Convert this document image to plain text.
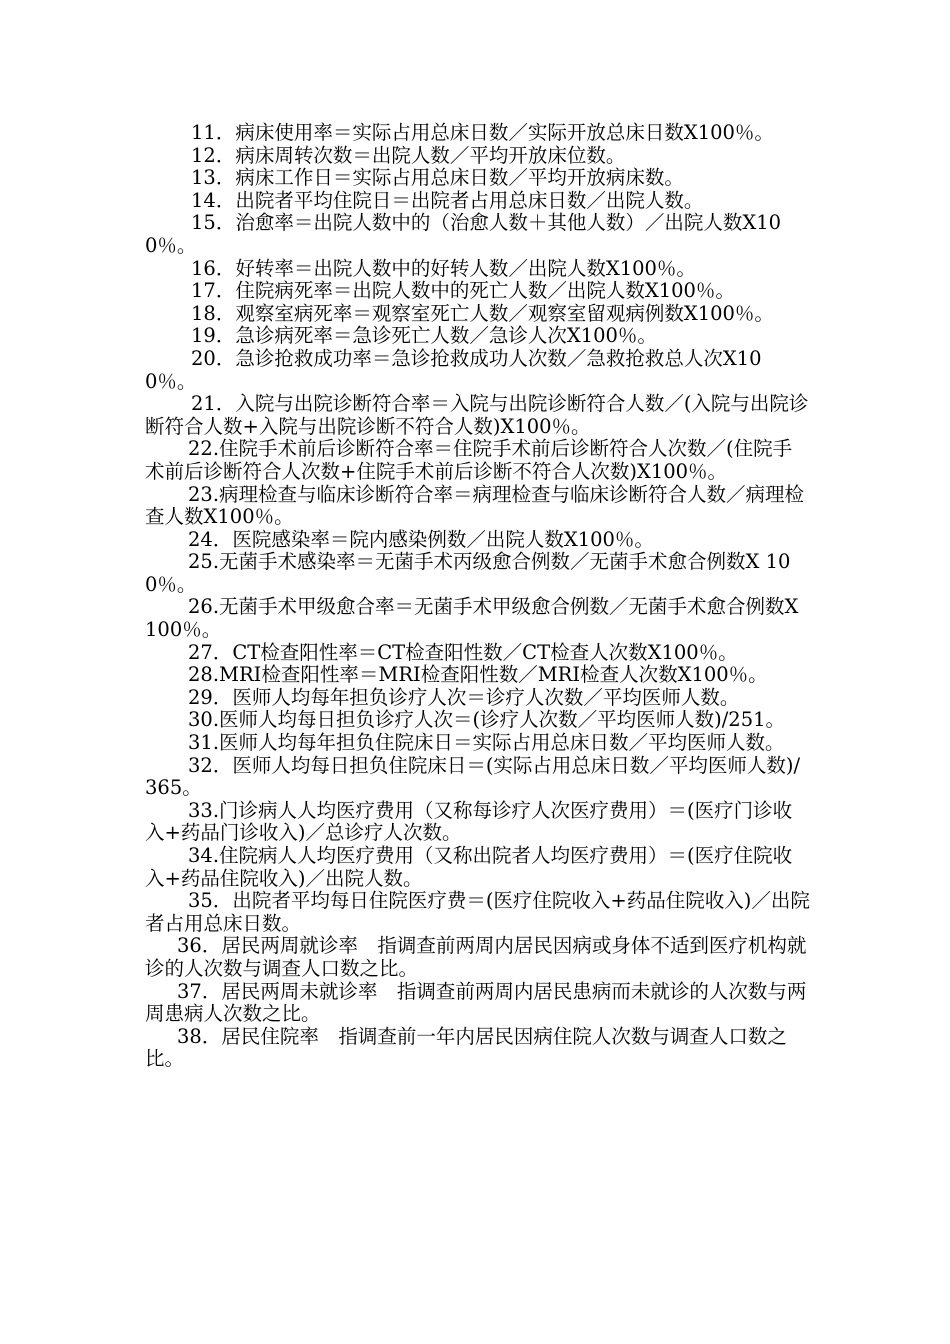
11．病床使用率＝实际占用总床日数／实际开放总床日数X100％。

12．病床周转次数＝出院人数／平均开放床位数。

13．病床工作日＝实际占用总床日数／平均开放病床数。

14．出院者平均住院日＝出院者占用总床日数／出院人数。

15．治愈率＝出院人数中的（治愈人数＋其他人数）／出院人数X100％。

16．好转率＝出院人数中的好转人数／出院人数X100％。

17．住院病死率＝出院人数中的死亡人数／出院人数X100％。

18．观察室病死率＝观察室死亡人数／观察室留观病例数X100％。

19．急诊病死率＝急诊死亡人数／急诊人次X100％。

20．急诊抢救成功率＝急诊抢救成功人次数／急救抢救总人次X100％。

21．入院与出院诊断符合率＝入院与出院诊断符合人数／(入院与出院诊断符合人数+入院与出院诊断不符合人数)X100％。

22.住院手术前后诊断符合率＝住院手术前后诊断符合人次数／(住院手术前后诊断符合人次数+住院手术前后诊断不符合人次数)X100％。

23.病理检查与临床诊断符合率＝病理检查与临床诊断符合人数／病理检查人数X100％。

24．医院感染率＝院内感染例数／出院人数X100％。

25.无菌手术感染率＝无菌手术丙级愈合例数／无菌手术愈合例数X 100％。

26.无菌手术甲级愈合率＝无菌手术甲级愈合例数／无菌手术愈合例数X 100％。

27．CT检查阳性率＝CT检查阳性数／CT检查人次数X100％。

28.MRI检查阳性率＝MRI检查阳性数／MRI检查人次数X100％。

29．医师人均每年担负诊疗人次＝诊疗人次数／平均医师人数。

30.医师人均每日担负诊疗人次＝(诊疗人次数／平均医师人数)/251。

31.医师人均每年担负住院床日＝实际占用总床日数／平均医师人数。

32．医师人均每日担负住院床日＝(实际占用总床日数／平均医师人数)/365。

33.门诊病人人均医疗费用（又称每诊疗人次医疗费用）＝(医疗门诊收入+药品门诊收入)／总诊疗人次数。

34.住院病人人均医疗费用（又称出院者人均医疗费用）＝(医疗住院收入+药品住院收入)／出院人数。

35．出院者平均每日住院医疗费＝(医疗住院收入+药品住院收入)／出院者占用总床日数。

36．居民两周就诊率　指调查前两周内居民因病或身体不适到医疗机构就诊的人次数与调查人口数之比。

37．居民两周未就诊率　指调查前两周内居民患病而未就诊的人次数与两周患病人次数之比。

38．居民住院率　指调查前一年内居民因病住院人次数与调查人口数之比。
